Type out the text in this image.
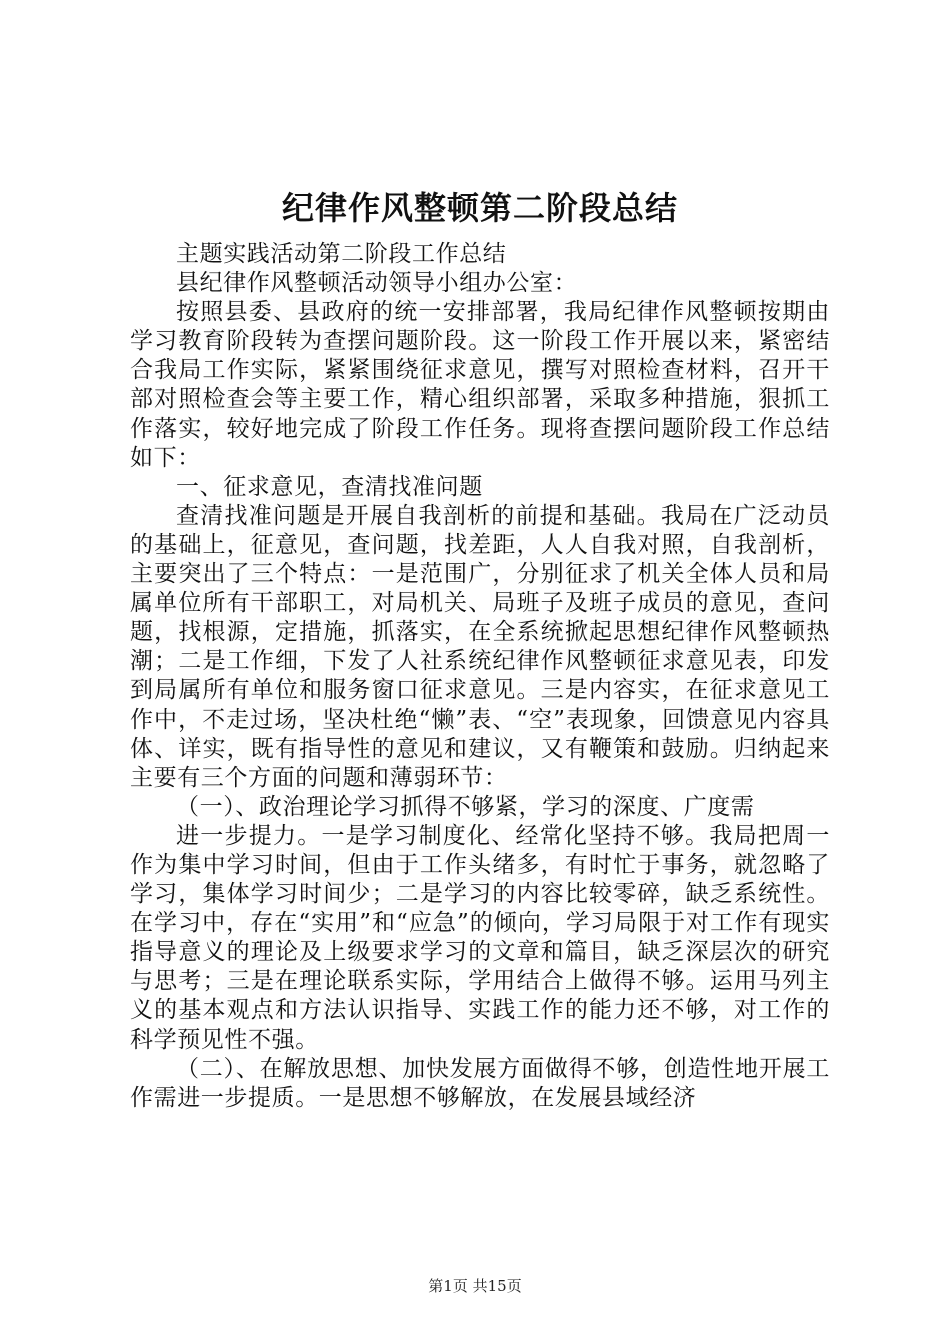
纪律作风整顿第二阶段总结

主题实践活动第二阶段工作总结

县纪律作风整顿活动领导小组办公室：

按照县委、县政府的统一安排部署，我局纪律作风整顿按期由学习教育阶段转为查摆问题阶段。这一阶段工作开展以来，紧密结合我局工作实际，紧紧围绕征求意见，撰写对照检查材料，召开干部对照检查会等主要工作，精心组织部署，采取多种措施，狠抓工作落实，较好地完成了阶段工作任务。现将查摆问题阶段工作总结如下：

一、征求意见，查清找准问题

查清找准问题是开展自我剖析的前提和基础。我局在广泛动员的基础上，征意见，查问题，找差距，人人自我对照，自我剖析，主要突出了三个特点：一是范围广，分别征求了机关全体人员和局属单位所有干部职工，对局机关、局班子及班子成员的意见，查问题，找根源，定措施，抓落实，在全系统掀起思想纪律作风整顿热潮；二是工作细，下发了人社系统纪律作风整顿征求意见表，印发到局属所有单位和服务窗口征求意见。三是内容实，在征求意见工作中，不走过场，坚决杜绝“懒”表、“空”表现象，回馈意见内容具体、详实，既有指导性的意见和建议，又有鞭策和鼓励。归纳起来主要有三个方面的问题和薄弱环节：

（一）、政治理论学习抓得不够紧，学习的深度、广度需

进一步提力。一是学习制度化、经常化坚持不够。我局把周一作为集中学习时间，但由于工作头绪多，有时忙于事务，就忽略了学习，集体学习时间少；二是学习的内容比较零碎，缺乏系统性。在学习中，存在“实用”和“应急”的倾向，学习局限于对工作有现实指导意义的理论及上级要求学习的文章和篇目，缺乏深层次的研究与思考；三是在理论联系实际，学用结合上做得不够。运用马列主义的基本观点和方法认识指导、实践工作的能力还不够，对工作的科学预见性不强。

（二）、在解放思想、加快发展方面做得不够，创造性地开展工作需进一步提质。一是思想不够解放，在发展县域经济

第1页 共15页
